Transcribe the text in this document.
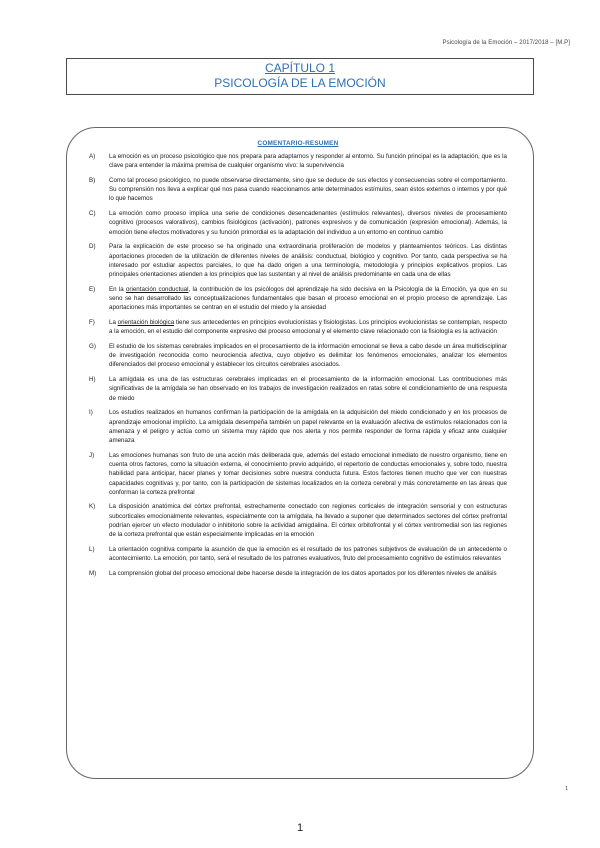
Psicología de la Emoción – 2017/2018 – [M.P]
CAPÍTULO 1
PSICOLOGÍA DE LA EMOCIÓN
COMENTARIO-RESUMEN
A)	La emoción es un proceso psicológico que nos prepara para adaptarnos y responder al entorno. Su función principal es la adaptación, que es la clave para entender la máxima premisa de cualquier organismo vivo: la supervivencia
B)	Como tal proceso psicológico, no puede observarse directamente, sino que se deduce de sus efectos y consecuencias sobre el comportamiento. Su comprensión nos lleva a explicar qué nos pasa cuando reaccionamos ante determinados estímulos, sean éstos externos o internos y por qué lo que hacemos
C)	La emoción como proceso implica una serie de condiciones desencadenantes (estímulos relevantes), diversos niveles de procesamiento cognitivo (procesos valorativos), cambios fisiológicos (activación), patrones expresivos y de comunicación (expresión emocional). Además, la emoción tiene efectos motivadores y su función primordial es la adaptación del individuo a un entorno en continuo cambio
D)	Para la explicación de este proceso se ha originado una extraordinaria proliferación de modelos y planteamientos teóricos. Las distintas aportaciones proceden de la utilización de diferentes niveles de análisis: conductual, biológico y cognitivo. Por tanto, cada perspectiva se ha interesado por estudiar aspectos parciales, lo que ha dado origen a una terminología, metodología y principios explicativos propios. Las principales orientaciones atienden a los principios que las sustentan y al nivel de análisis predominante en cada una de ellas
E)	En la orientación conductual, la contribución de los psicólogos del aprendizaje ha sido decisiva en la Psicología de la Emoción, ya que en su seno se han desarrollado las conceptualizaciones fundamentales que basan el proceso emocional en el propio proceso de aprendizaje. Las aportaciones más importantes se centran en el estudio del miedo y la ansiedad
F)	La orientación biológica tiene sus antecedentes en principios evolucionistas y fisiologistas. Los principios evolucionistas se contemplan, respecto a la emoción, en el estudio del componente expresivo del proceso emocional y el elemento clave relacionado con la fisiología es la activación
G)	El estudio de los sistemas cerebrales implicados en el procesamiento de la información emocional se lleva a cabo desde un área multidisciplinar de investigación reconocida como neurociencia afectiva, cuyo objetivo es delimitar los fenómenos emocionales, analizar los elementos diferenciados del proceso emocional y establecer los circuitos cerebrales asociados.
H)	La amígdala es una de las estructuras cerebrales implicadas en el procesamiento de la información emocional. Las contribuciones más significativas de la amígdala se han observado en los trabajos de investigación realizados en ratas sobre el condicionamiento de una respuesta de miedo
I)	Los estudios realizados en humanos confirman la participación de la amígdala en la adquisición del miedo condicionado y en los procesos de aprendizaje emocional implícito. La amígdala desempeña también un papel relevante en la evaluación afectiva de estímulos relacionados con la amenaza y el peligro y actúa como un sistema muy rápido que nos alerta y nos permite responder de forma rápida y eficaz ante cualquier amenaza
J)	Las emociones humanas son fruto de una acción más deliberada que, además del estado emocional inmediato de nuestro organismo, tiene en cuenta otros factores, como la situación externa, el conocimiento previo adquirido, el repertorio de conductas emocionales y, sobre todo, nuestra habilidad para anticipar, hacer planes y tomar decisiones sobre nuestra conducta futura. Estos factores tienen mucho que ver con nuestras capacidades cognitivas y, por tanto, con la participación de sistemas localizados en la corteza cerebral y más concretamente en las áreas que conforman la corteza prefrontal
K)	La disposición anatómica del córtex prefrontal, estrechamente conectado con regiones corticales de integración sensorial y con estructuras subcorticales emocionalmente relevantes, especialmente con la amígdala, ha llevado a suponer que determinados sectores del córtex prefrontal podrían ejercer un efecto modulador o inhibitorio sobre la actividad amigdalina. El córtex orbitofrontal y el córtex ventromedial son las regiones de la corteza prefrontal que están especialmente implicadas en la emoción
L)	La orientación cognitiva comparte la asunción de que la emoción es el resultado de los patrones subjetivos de evaluación de un antecedente o acontecimiento. La emoción, por tanto, será el resultado de los patrones evaluativos, fruto del procesamiento cognitivo de estímulos relevantes
M)	La comprensión global del proceso emocional debe hacerse desde la integración de los datos aportados por los diferentes niveles de análisis
1
1
